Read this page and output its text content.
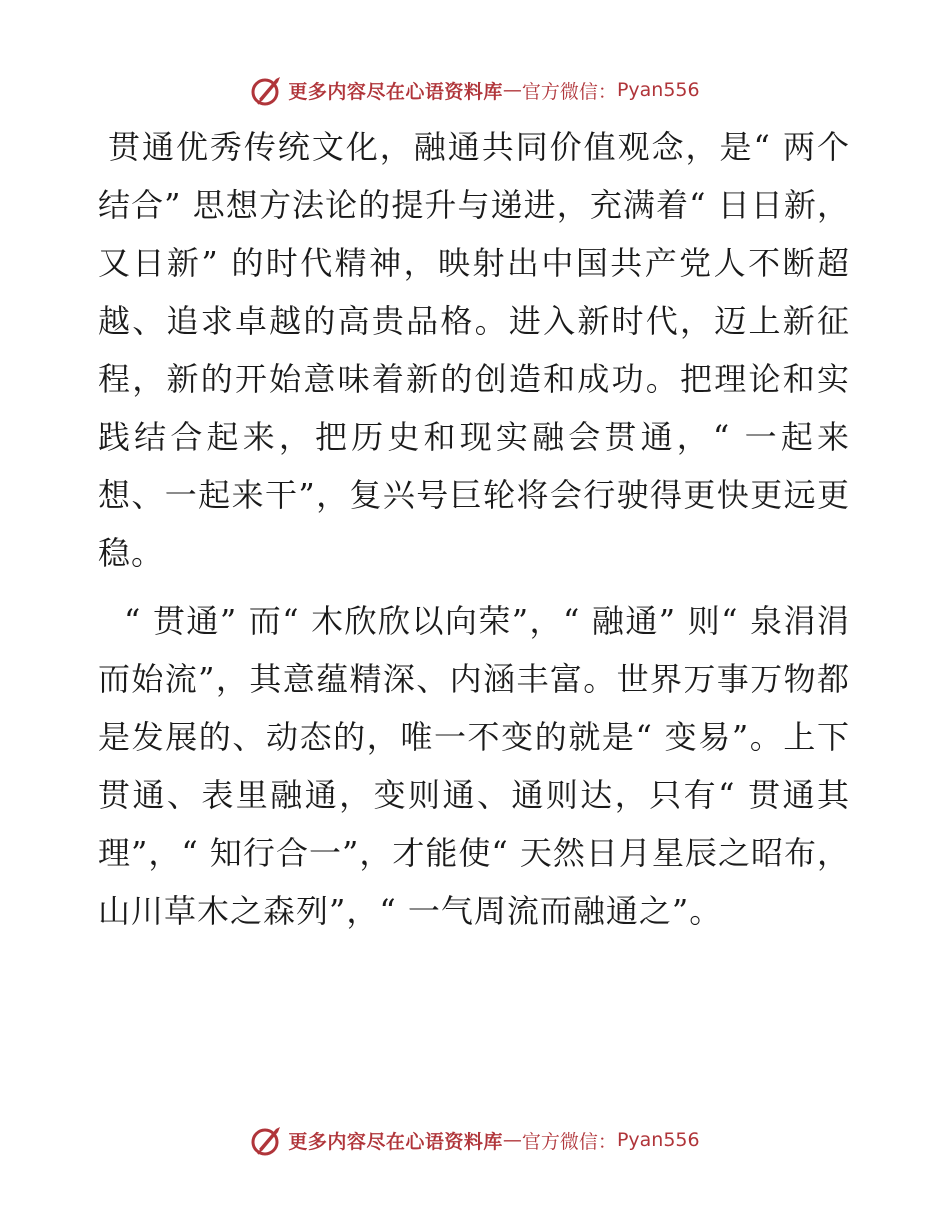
更多内容尽在心语资料库 — 官方微信： Pyan556

贯通优秀传统文化，融通共同价值观念，是“ 两个结合” 思想方法论的提升与递进，充满着“ 日日新，又日新” 的时代精神，映射出中国共产党人不断超越、追求卓越的高贵品格。进入新时代，迈上新征程，新的开始意味着新的创造和成功。把理论和实践结合起来，把历史和现实融会贯通，“ 一起来想、一起来干”，复兴号巨轮将会行驶得更快更远更稳。

“ 贯通” 而“ 木欣欣以向荣”，“ 融通” 则“ 泉涓涓而始流”，其意蕴精深、内涵丰富。世界万事万物都是发展的、动态的，唯一不变的就是“ 变易”。上下贯通、表里融通，变则通、通则达，只有“ 贯通其理”，“ 知行合一”，才能使“ 天然日月星辰之昭布，山川草木之森列”，“ 一气周流而融通之”。

更多内容尽在心语资料库 — 官方微信： Pyan556
